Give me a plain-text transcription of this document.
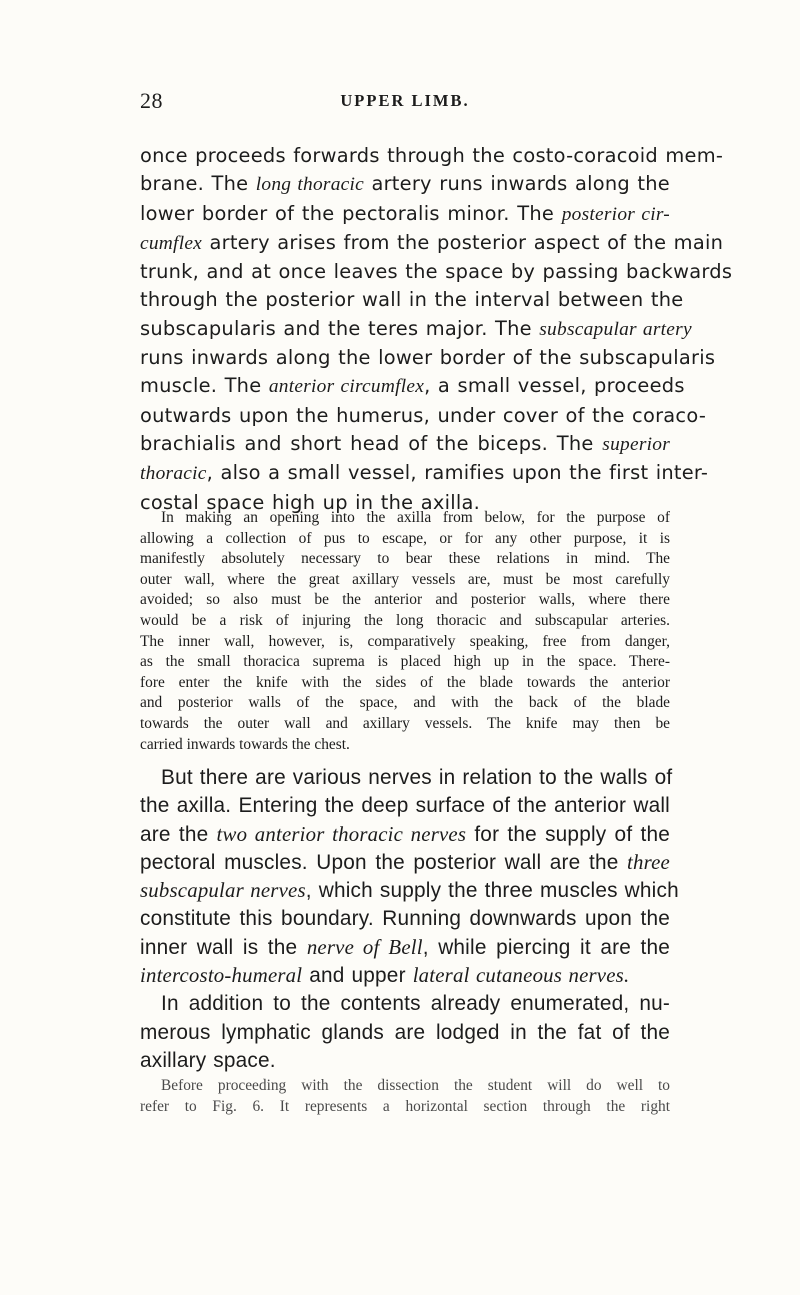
28	UPPER LIMB.
once proceeds forwards through the costo-coracoid mem-
brane. The long thoracic artery runs inwards along the
lower border of the pectoralis minor. The posterior cir-
cumflex artery arises from the posterior aspect of the main
trunk, and at once leaves the space by passing backwards
through the posterior wall in the interval between the
subscapularis and the teres major. The subscapular artery
runs inwards along the lower border of the subscapularis
muscle. The anterior circumflex, a small vessel, proceeds
outwards upon the humerus, under cover of the coraco-
brachialis and short head of the biceps. The superior
thoracic, also a small vessel, ramifies upon the first inter-
costal space high up in the axilla.
In making an opening into the axilla from below, for the purpose of
allowing a collection of pus to escape, or for any other purpose, it is
manifestly absolutely necessary to bear these relations in mind. The
outer wall, where the great axillary vessels are, must be most carefully
avoided; so also must be the anterior and posterior walls, where there
would be a risk of injuring the long thoracic and subscapular arteries.
The inner wall, however, is, comparatively speaking, free from danger,
as the small thoracica suprema is placed high up in the space. There-
fore enter the knife with the sides of the blade towards the anterior
and posterior walls of the space, and with the back of the blade
towards the outer wall and axillary vessels. The knife may then be
carried inwards towards the chest.
But there are various nerves in relation to the walls of
the axilla. Entering the deep surface of the anterior wall
are the two anterior thoracic nerves for the supply of the
pectoral muscles. Upon the posterior wall are the three
subscapular nerves, which supply the three muscles which
constitute this boundary. Running downwards upon the
inner wall is the nerve of Bell, while piercing it are the
intercosto-humeral and upper lateral cutaneous nerves.
In addition to the contents already enumerated, nu-
merous lymphatic glands are lodged in the fat of the
axillary space.
Before proceeding with the dissection the student will do well to
refer to Fig. 6. It represents a horizontal section through the right
